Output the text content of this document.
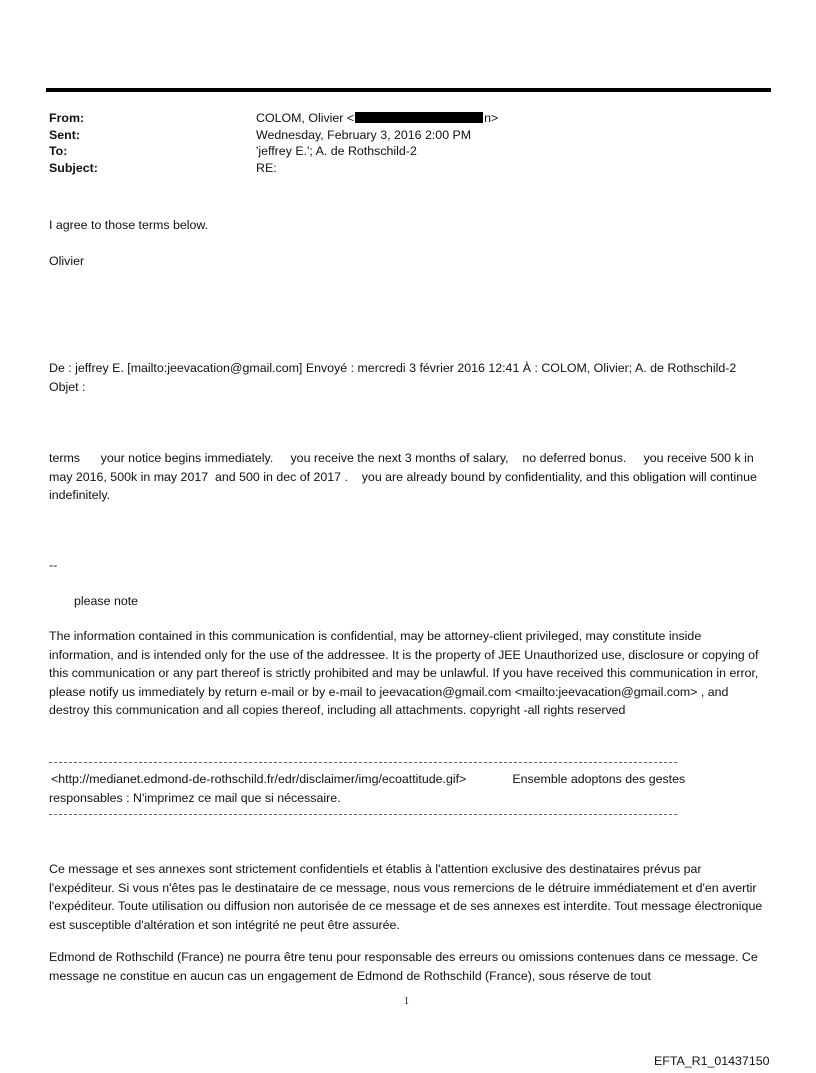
From:	COLOM, Olivier <	n>
Sent:	Wednesday, February 3, 2016 2:00 PM
To:	'jeffrey E.'; A. de Rothschild-2
Subject:	RE:

I agree to those terms below.

Olivier

De : jeffrey E. [mailto:jeevacation@gmail.com] Envoyé : mercredi 3 février 2016 12:41 À : COLOM, Olivier; A. de Rothschild-2 Objet :

terms      your notice begins immediately.     you receive the next 3 months of salary,    no deferred bonus.     you receive 500 k in may 2016, 500k in may 2017  and 500 in dec of 2017 .    you are already bound by confidentiality, and this obligation will continue indefinitely.

--

please note

The information contained in this communication is confidential, may be attorney-client privileged, may constitute inside information, and is intended only for the use of the addressee. It is the property of JEE Unauthorized use, disclosure or copying of this communication or any part thereof is strictly prohibited and may be unlawful. If you have received this communication in error, please notify us immediately by return e-mail or by e-mail to jeevacation@gmail.com <mailto:jeevacation@gmail.com> , and destroy this communication and all copies thereof, including all attachments. copyright -all rights reserved

<http://medianet.edmond-de-rothschild.fr/edr/disclaimer/img/ecoattitude.gif>	Ensemble adoptons des gestes
responsables : N'imprimez ce mail que si nécessaire.

Ce message et ses annexes sont strictement confidentiels et établis à l'attention exclusive des destinataires prévus par l'expéditeur. Si vous n'êtes pas le destinataire de ce message, nous vous remercions de le détruire immédiatement et d'en avertir l'expéditeur. Toute utilisation ou diffusion non autorisée de ce message et de ses annexes est interdite. Tout message électronique est susceptible d'altération et son intégrité ne peut être assurée.

Edmond de Rothschild (France) ne pourra être tenu pour responsable des erreurs ou omissions contenues dans ce message. Ce message ne constitue en aucun cas un engagement de Edmond de Rothschild (France), sous réserve de tout

1
EFTA_R1_01437150
